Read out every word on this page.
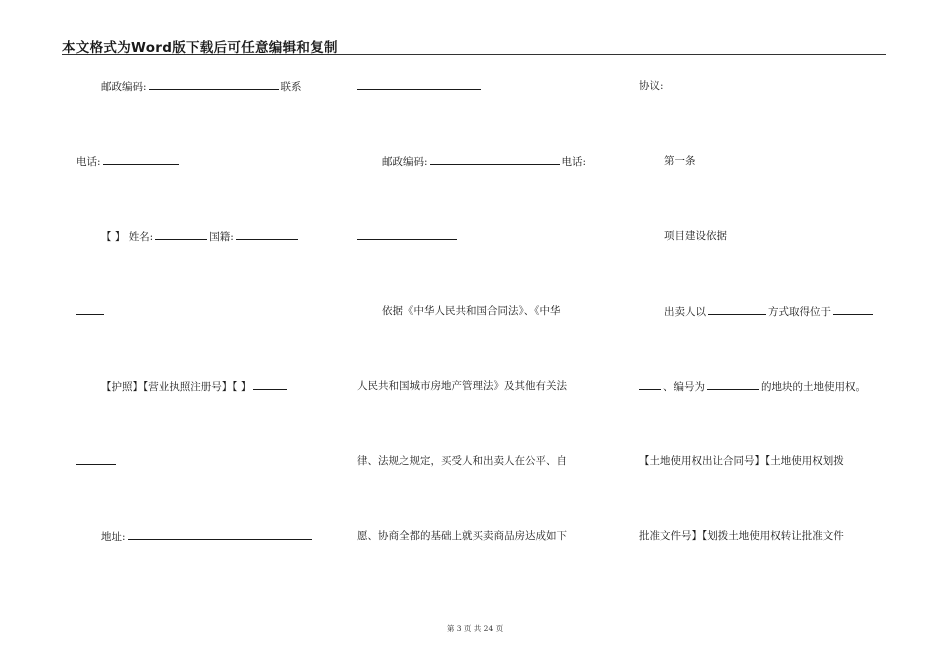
本文格式为Word版下载后可任意编辑和复制
邮政编码:	联系
电话:
【 】 姓名:	国籍:
【护照】【营业执照注册号】【 】
地址:
邮政编码:	电话:
依据《中华人民共和国合同法》、《中华
人民共和国城市房地产管理法》及其他有关法
律、法规之规定，买受人和出卖人在公平、自
愿、协商全都的基础上就买卖商品房达成如下
协议:
第一条
项目建设依据
出卖人以	方式取得位于
、编号为	的地块的土地使用权。
【土地使用权出让合同号】【土地使用权划拨
批准文件号】【划拨土地使用权转让批准文件
第 3 页 共 24 页
